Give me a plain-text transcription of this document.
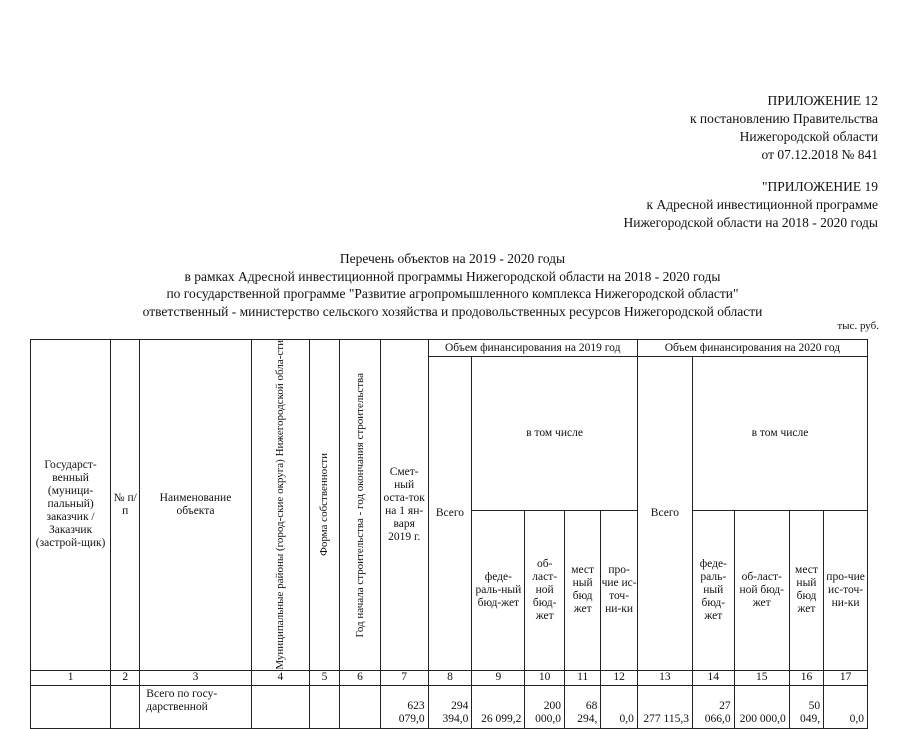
ПРИЛОЖЕНИЕ 12
к постановлению Правительства
Нижегородской области
от 07.12.2018 № 841
"ПРИЛОЖЕНИЕ 19
к Адресной инвестиционной программе
Нижегородской области на 2018 - 2020 годы
Перечень объектов на 2019 - 2020 годы
в рамках Адресной инвестиционной программы Нижегородской области на 2018 - 2020 годы
по государственной программе "Развитие агропромышленного комплекса Нижегородской области"
ответственный - министерство сельского хозяйства и продовольственных ресурсов Нижегородской области
тыс. руб.
Государст-венный (муници-пальный) заказчик / Заказчик (застрой-щик)	№ п/п	Наименование объекта	Муниципальные районы (город-ские округа) Нижегородской обла-сти	Форма собственности	Год начала строительства - год окончания строительства	Смет-ный оста-ток на 1 ян-варя 2019 г.	Объем финансирования на 2019 год					Объем финансирования на 2020 год				
							Всего	в том числе				Всего	в том числе			
								феде-раль-ный бюд-жет	об-ласт-ной бюд-жет	мест ный бюд жет	про-чие ис-точ-ни-ки		феде-раль-ный бюд-жет	об-ласт-ной бюд-жет	мест ный бюд жет	про-чие ис-точ-ни-ки
1	2	3	4	5	6	7	8	9	10	11	12	13	14	15	16	17
		Всего по госу-дарственной				623 079,0	294 394,0	26 099,2	200 000,0	68 294,	0,0	277 115,3	27 066,0	200 000,0	50 049,	0,0
